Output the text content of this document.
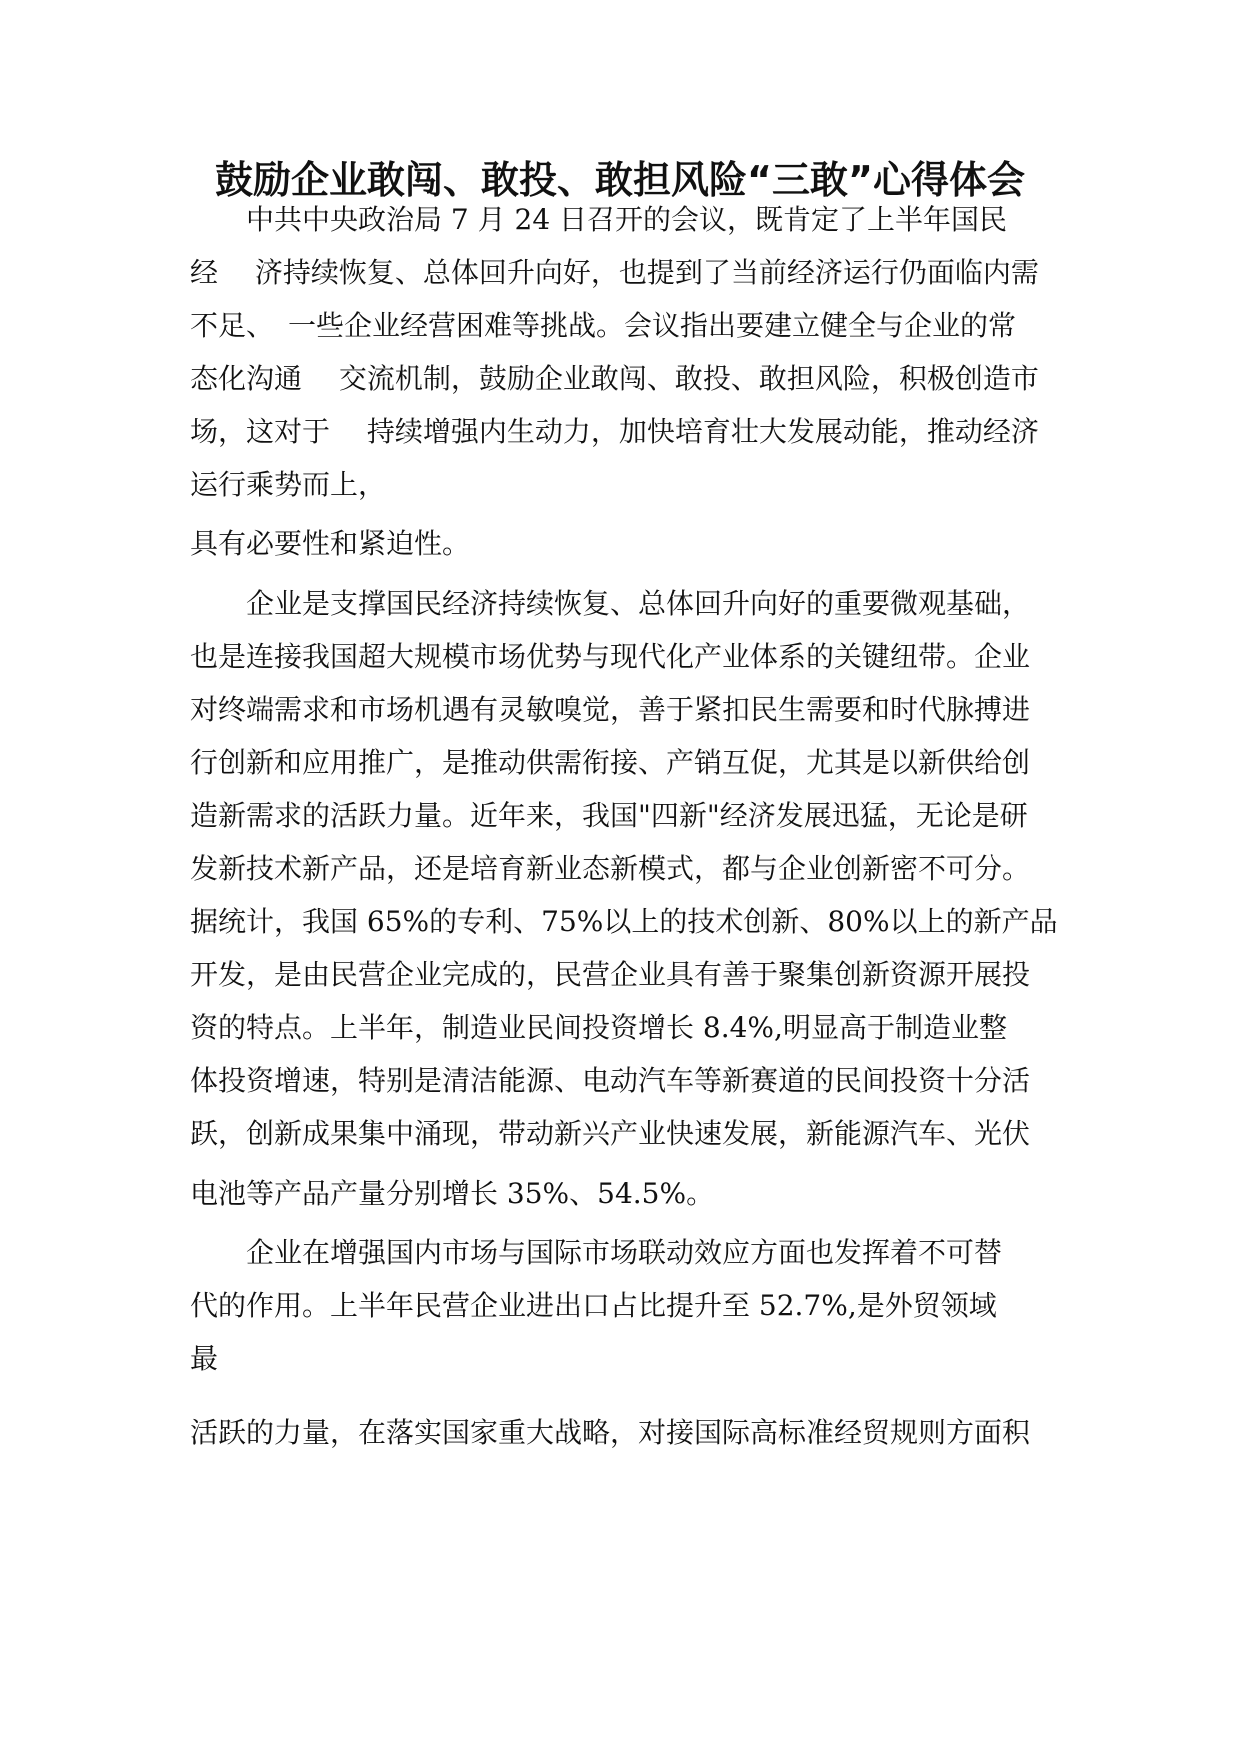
鼓励企业敢闯、敢投、敢担风险“三敢”心得体会

　　中共中央政治局 7 月 24 日召开的会议，既肯定了上半年国民

经　 济持续恢复、总体回升向好，也提到了当前经济运行仍面临内需

不足、　一些企业经营困难等挑战。会议指出要建立健全与企业的常

态化沟通　 交流机制，鼓励企业敢闯、敢投、敢担风险，积极创造市

场，这对于　 持续增强内生动力，加快培育壮大发展动能，推动经济

运行乘势而上，

具有必要性和紧迫性。

　　企业是支撑国民经济持续恢复、总体回升向好的重要微观基础，

也是连接我国超大规模市场优势与现代化产业体系的关键纽带。企业

对终端需求和市场机遇有灵敏嗅觉，善于紧扣民生需要和时代脉搏进

行创新和应用推广，是推动供需衔接、产销互促，尤其是以新供给创

造新需求的活跃力量。近年来，我国"四新"经济发展迅猛，无论是研

发新技术新产品，还是培育新业态新模式，都与企业创新密不可分。

据统计，我国 65%的专利、75%以上的技术创新、80%以上的新产品

开发，是由民营企业完成的，民营企业具有善于聚集创新资源开展投

资的特点。上半年，制造业民间投资增长 8.4%,明显高于制造业整

体投资增速，特别是清洁能源、电动汽车等新赛道的民间投资十分活

跃，创新成果集中涌现，带动新兴产业快速发展，新能源汽车、光伏

电池等产品产量分别增长 35%、54.5%。

　　企业在增强国内市场与国际市场联动效应方面也发挥着不可替

代的作用。上半年民营企业进出口占比提升至 52.7%,是外贸领域

最

活跃的力量，在落实国家重大战略，对接国际高标准经贸规则方面积
